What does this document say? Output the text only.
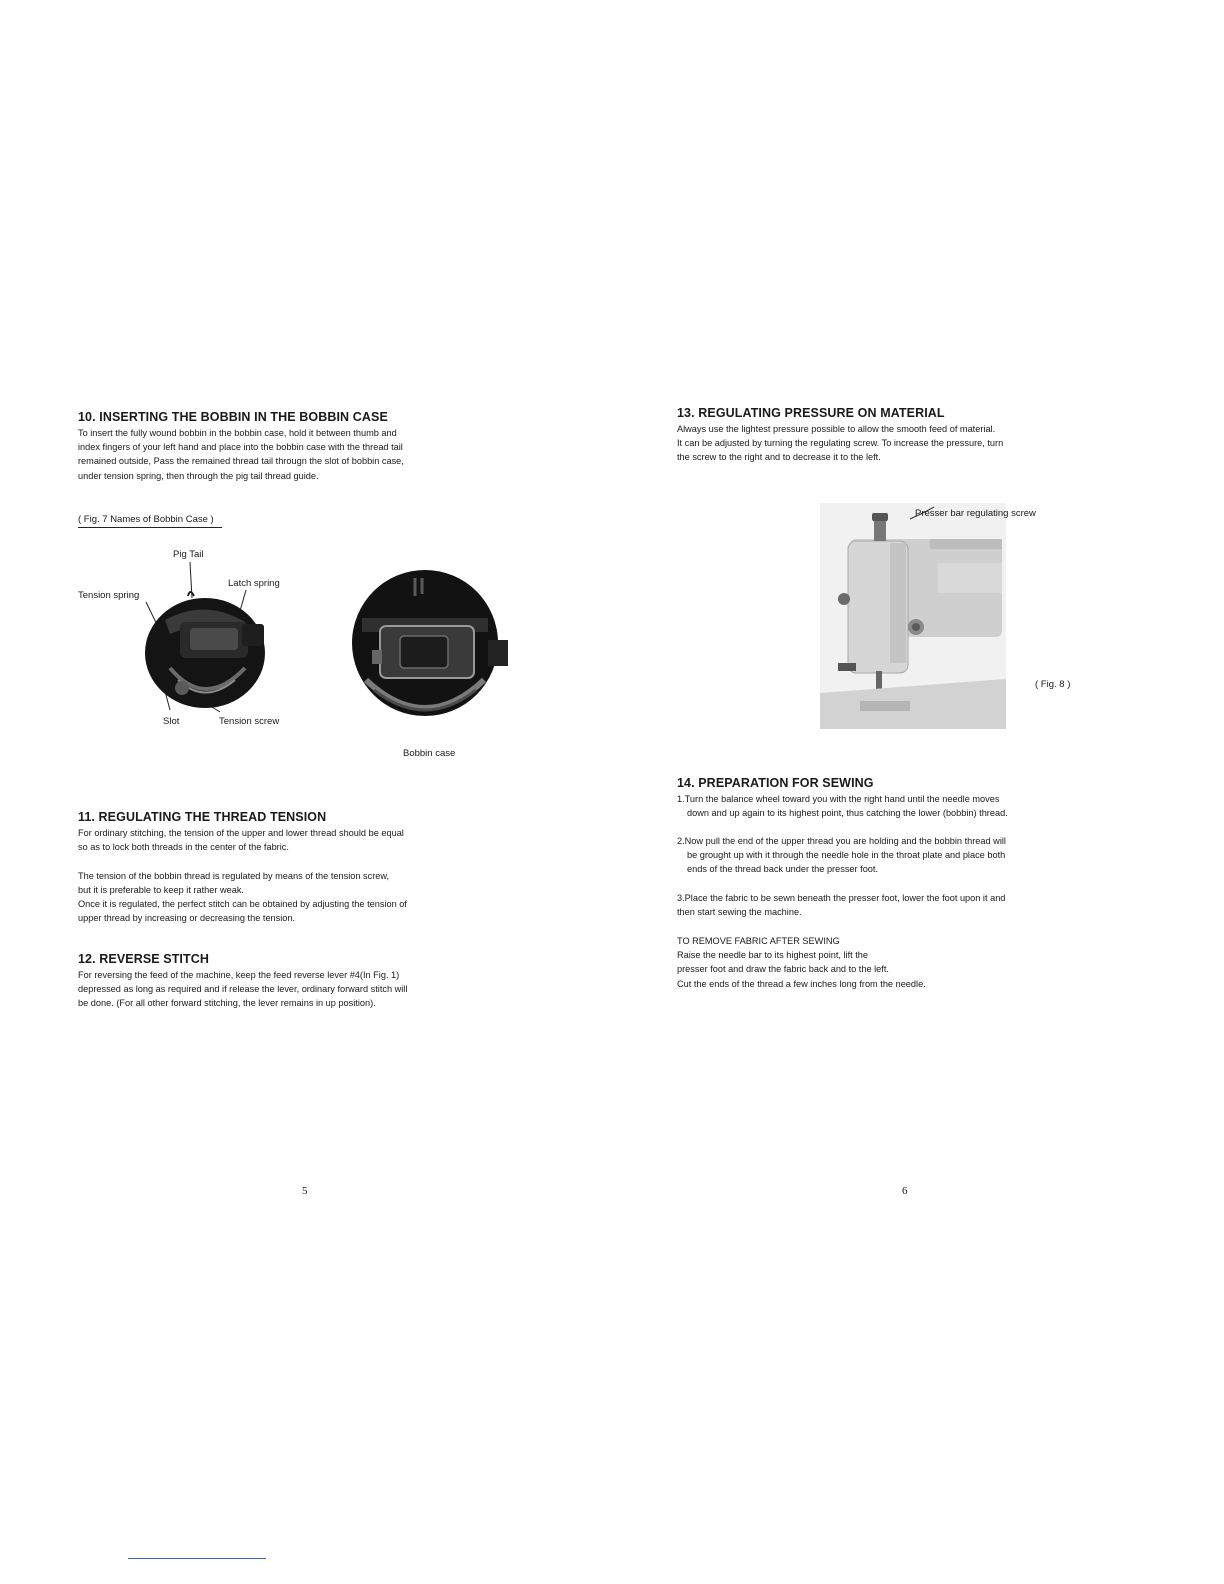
10. INSERTING THE BOBBIN IN THE BOBBIN CASE
To insert the fully wound bobbin in the bobbin case, hold it between thumb and
index fingers of your left hand and place into the bobbin case with the thread tail
remained outside, Pass the remained thread tail througn the slot of bobbin case,
under tension spring, then through the pig tail thread guide.
( Fig. 7 Names of Bobbin Case )
Pig Tail
Latch spring
Tension spring
Slot	Tension screw
Bobbin case
11. REGULATING THE THREAD TENSION
For ordinary stitching, the tension of the upper and lower thread should be equal
so as to lock both threads in the center of the fabric.
The tension of the bobbin thread is regulated by means of the tension screw,
but it is preferable to keep it rather weak.
Once it is regulated, the perfect stitch can be obtained by adjusting the tension of
upper thread by increasing or decreasing the tension.
12. REVERSE STITCH
For reversing the feed of the machine, keep the feed reverse lever #4(In Fig. 1)
depressed as long as required and if release the lever, ordinary forward stitch will
be done. (For all other forward stitching, the lever remains in up position).
5
13. REGULATING PRESSURE ON MATERIAL
Always use the lightest pressure possible to allow the smooth feed of material.
It can be adjusted by turning the regulating screw. To increase the pressure, turn
the screw to the right and to decrease it to the left.
Presser bar regulating screw
( Fig. 8 )
14. PREPARATION FOR SEWING
1.Turn the balance wheel toward you with the right hand until the needle moves
down and up again to its highest point, thus catching the lower (bobbin) thread.
2.Now pull the end of the upper thread you are holding and the bobbin thread will
be grought up with it through the needle hole in the throat plate and place both
ends of the thread back under the presser foot.
3.Place the fabric to be sewn beneath the presser foot, lower the foot upon it and
then start sewing the machine.
TO REMOVE FABRIC AFTER SEWING
Raise the needle bar to its highest point, lift the
presser foot and draw the fabric back and to the left.
Cut the ends of the thread a few inches long from the needle.
6
